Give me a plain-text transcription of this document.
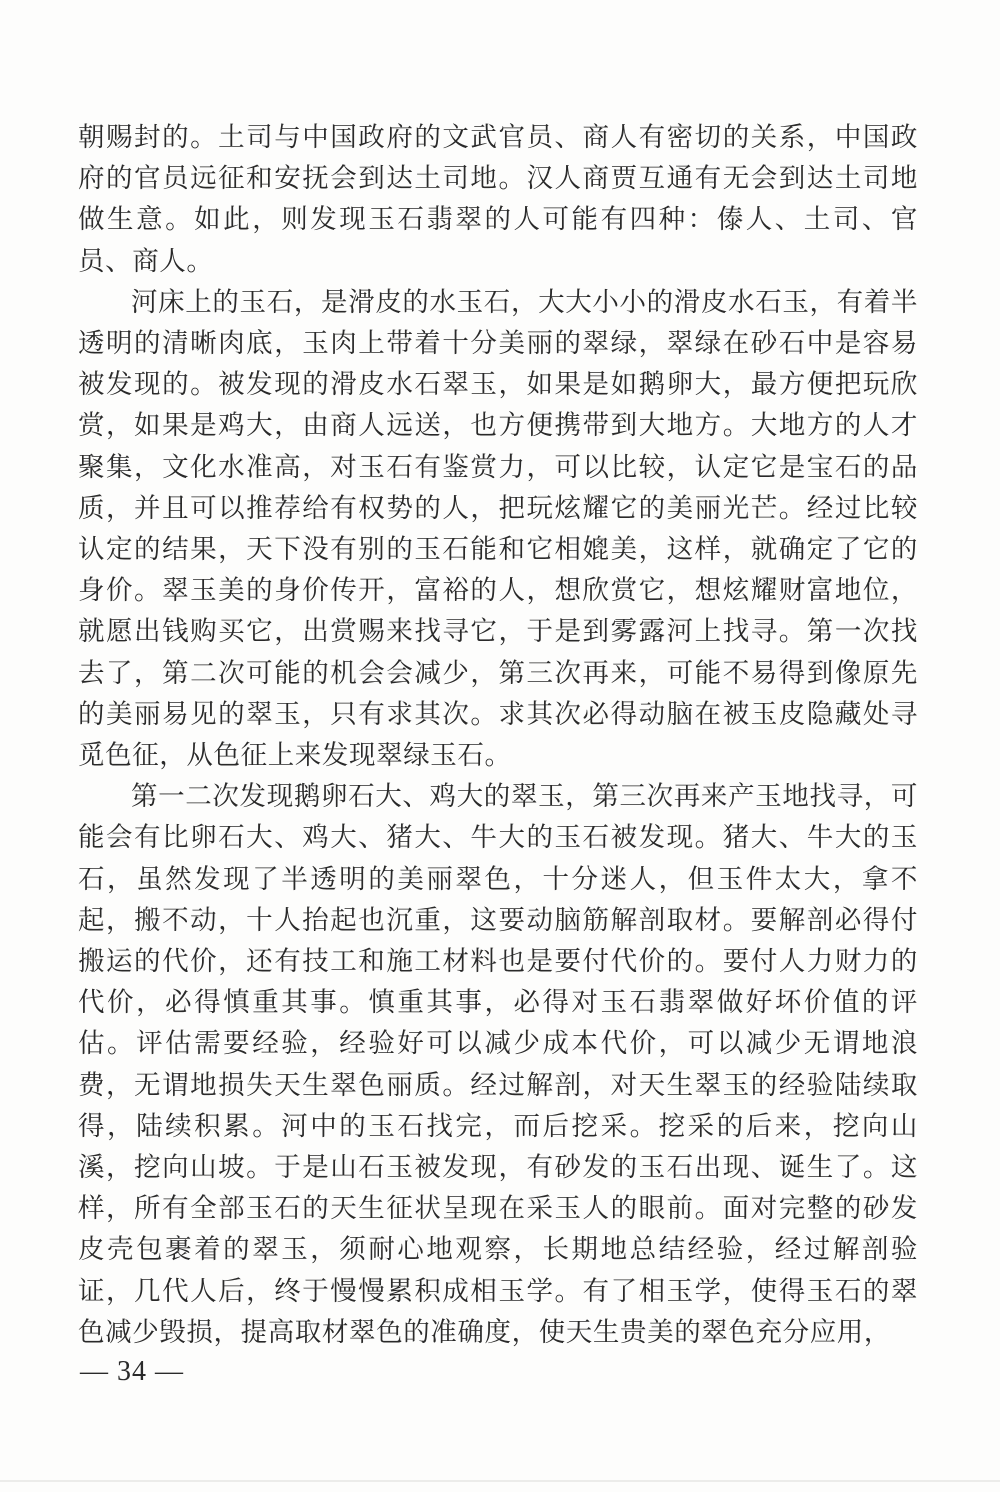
朝赐封的。土司与中国政府的文武官员、商人有密切的关系，中国政府的官员远征和安抚会到达土司地。汉人商贾互通有无会到达土司地做生意。如此，则发现玉石翡翠的人可能有四种：傣人、土司、官员、商人。

河床上的玉石，是滑皮的水玉石，大大小小的滑皮水石玉，有着半透明的清晰肉底，玉肉上带着十分美丽的翠绿，翠绿在砂石中是容易被发现的。被发现的滑皮水石翠玉，如果是如鹅卵大，最方便把玩欣赏，如果是鸡大，由商人远送，也方便携带到大地方。大地方的人才聚集，文化水准高，对玉石有鉴赏力，可以比较，认定它是宝石的品质，并且可以推荐给有权势的人，把玩炫耀它的美丽光芒。经过比较认定的结果，天下没有别的玉石能和它相媲美，这样，就确定了它的身价。翠玉美的身价传开，富裕的人，想欣赏它，想炫耀财富地位，就愿出钱购买它，出赏赐来找寻它，于是到雾露河上找寻。第一次找去了，第二次可能的机会会减少，第三次再来，可能不易得到像原先的美丽易见的翠玉，只有求其次。求其次必得动脑在被玉皮隐藏处寻觅色征，从色征上来发现翠绿玉石。

第一二次发现鹅卵石大、鸡大的翠玉，第三次再来产玉地找寻，可能会有比卵石大、鸡大、猪大、牛大的玉石被发现。猪大、牛大的玉石，虽然发现了半透明的美丽翠色，十分迷人，但玉件太大，拿不起，搬不动，十人抬起也沉重，这要动脑筋解剖取材。要解剖必得付搬运的代价，还有技工和施工材料也是要付代价的。要付人力财力的代价，必得慎重其事。慎重其事，必得对玉石翡翠做好坏价值的评估。评估需要经验，经验好可以减少成本代价，可以减少无谓地浪费，无谓地损失天生翠色丽质。经过解剖，对天生翠玉的经验陆续取得，陆续积累。河中的玉石找完，而后挖采。挖采的后来，挖向山溪，挖向山坡。于是山石玉被发现，有砂发的玉石出现、诞生了。这样，所有全部玉石的天生征状呈现在采玉人的眼前。面对完整的砂发皮壳包裹着的翠玉，须耐心地观察，长期地总结经验，经过解剖验证，几代人后，终于慢慢累积成相玉学。有了相玉学，使得玉石的翠色减少毁损，提高取材翠色的准确度，使天生贵美的翠色充分应用，

— 34 —
